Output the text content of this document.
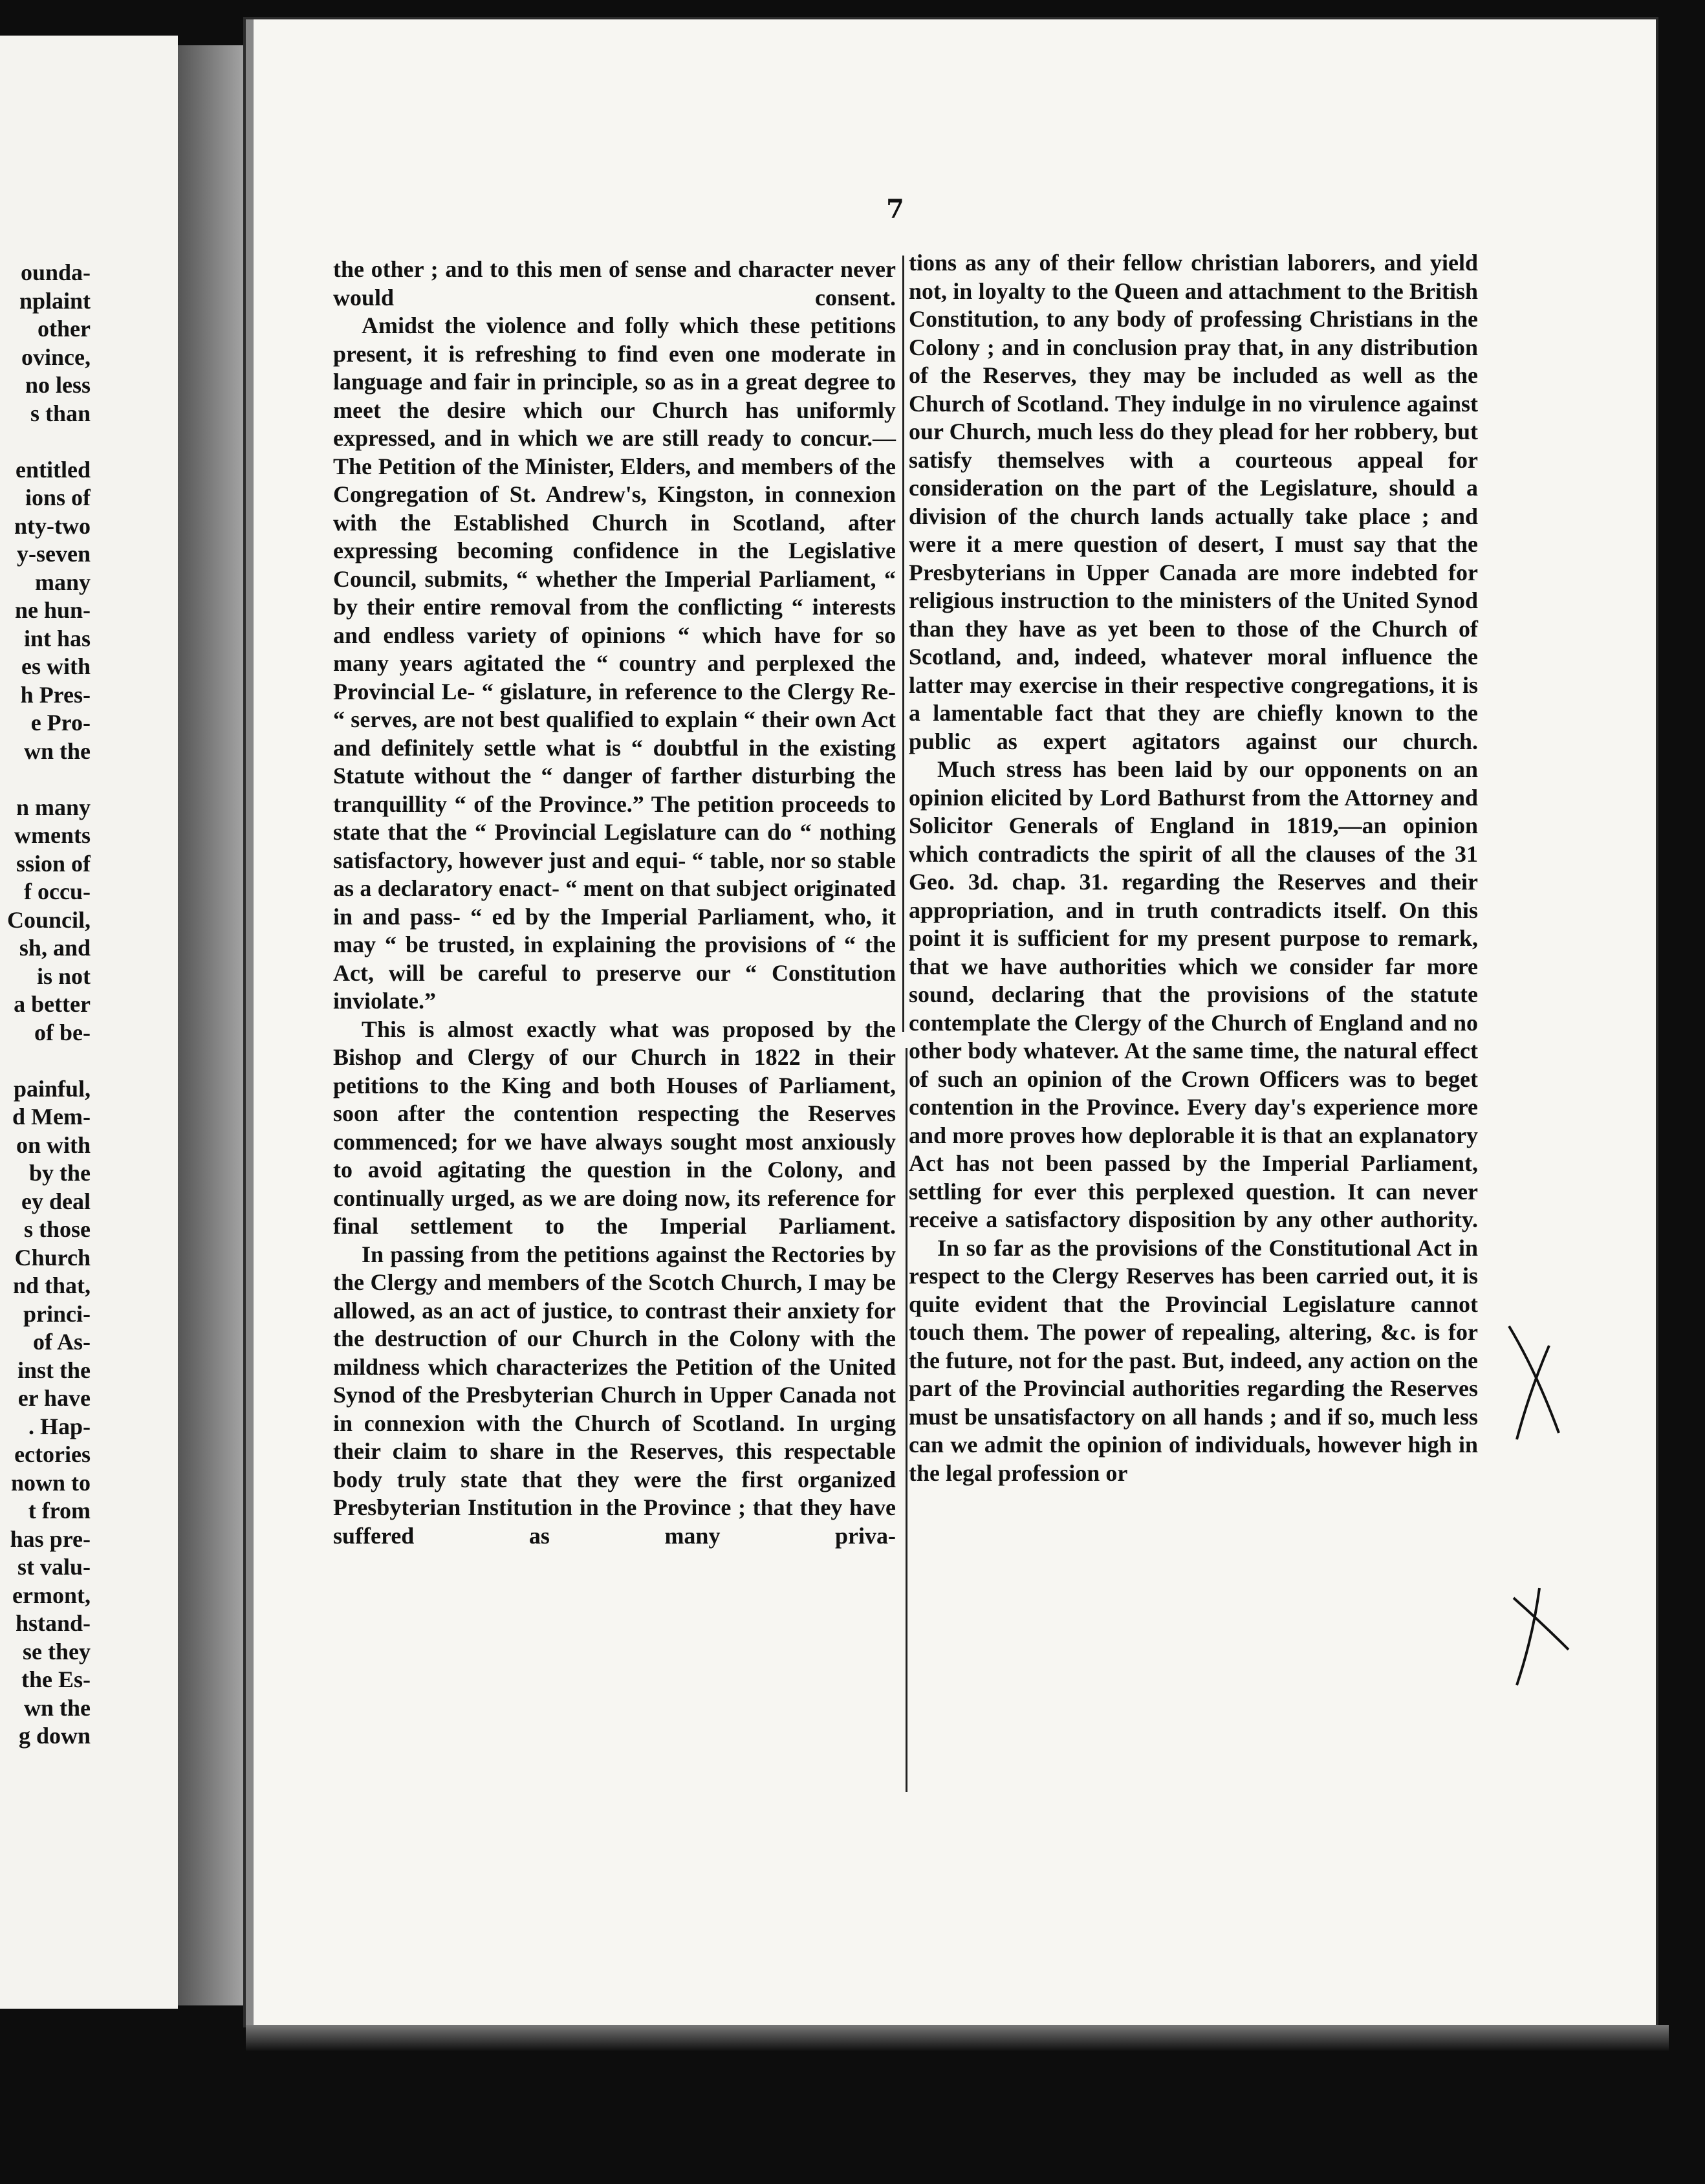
ounda-
nplaint
other
ovince,
no less
s than
entitled
ions of
nty-two
y-seven
many
ne hun-
int has
es with
h Pres-
e Pro-
wn the
n many
wments
ssion of
f occu-
Council,
sh, and
is not
a better
of be-
painful,
d Mem-
on with
by the
ey deal
s those
Church
nd that,
princi-
of As-
inst the
er have
. Hap-
ectories
nown to
t from
has pre-
st valu-
ermont,
hstand-
se they
the Es-
wn the
g down
7

the other ; and to this men of sense and character never would consent.

Amidst the violence and folly which these petitions present, it is refreshing to find even one moderate in language and fair in principle, so as in a great degree to meet the desire which our Church has uniformly expressed, and in which we are still ready to concur.— The Petition of the Minister, Elders, and members of the Congregation of St. Andrew's, Kingston, in connexion with the Established Church in Scotland, after expressing becoming confidence in the Legislative Council, submits, “ whether the Imperial Parliament, “ by their entire removal from the conflicting “ interests and endless variety of opinions “ which have for so many years agitated the “ country and perplexed the Provincial Le- “ gislature, in reference to the Clergy Re- “ serves, are not best qualified to explain “ their own Act and definitely settle what is “ doubtful in the existing Statute without the “ danger of farther disturbing the tranquillity “ of the Province.” The petition proceeds to state that the “ Provincial Legislature can do “ nothing satisfactory, however just and equi- “ table, nor so stable as a declaratory enact- “ ment on that subject originated in and pass- “ ed by the Imperial Parliament, who, it may “ be trusted, in explaining the provisions of “ the Act, will be careful to preserve our “ Constitution inviolate.”

This is almost exactly what was proposed by the Bishop and Clergy of our Church in 1822 in their petitions to the King and both Houses of Parliament, soon after the contention respecting the Reserves commenced; for we have always sought most anxiously to avoid agitating the question in the Colony, and continually urged, as we are doing now, its reference for final settlement to the Imperial Parliament.

In passing from the petitions against the Rectories by the Clergy and members of the Scotch Church, I may be allowed, as an act of justice, to contrast their anxiety for the destruction of our Church in the Colony with the mildness which characterizes the Petition of the United Synod of the Presbyterian Church in Upper Canada not in connexion with the Church of Scotland. In urging their claim to share in the Reserves, this respectable body truly state that they were the first organized Presbyterian Institution in the Province ; that they have suffered as many priva-

tions as any of their fellow christian laborers, and yield not, in loyalty to the Queen and attachment to the British Constitution, to any body of professing Christians in the Colony ; and in conclusion pray that, in any distribution of the Reserves, they may be included as well as the Church of Scotland. They indulge in no virulence against our Church, much less do they plead for her robbery, but satisfy themselves with a courteous appeal for consideration on the part of the Legislature, should a division of the church lands actually take place ; and were it a mere question of desert, I must say that the Presbyterians in Upper Canada are more indebted for religious instruction to the ministers of the United Synod than they have as yet been to those of the Church of Scotland, and, indeed, whatever moral influence the latter may exercise in their respective congregations, it is a lamentable fact that they are chiefly known to the public as expert agitators against our church.

Much stress has been laid by our opponents on an opinion elicited by Lord Bathurst from the Attorney and Solicitor Generals of England in 1819,—an opinion which contradicts the spirit of all the clauses of the 31 Geo. 3d. chap. 31. regarding the Reserves and their appropriation, and in truth contradicts itself. On this point it is sufficient for my present purpose to remark, that we have authorities which we consider far more sound, declaring that the provisions of the statute contemplate the Clergy of the Church of England and no other body whatever. At the same time, the natural effect of such an opinion of the Crown Officers was to beget contention in the Province. Every day's experience more and more proves how deplorable it is that an explanatory Act has not been passed by the Imperial Parliament, settling for ever this perplexed question. It can never receive a satisfactory disposition by any other authority.

In so far as the provisions of the Constitutional Act in respect to the Clergy Reserves has been carried out, it is quite evident that the Provincial Legislature cannot touch them. The power of repealing, altering, &c. is for the future, not for the past. But, indeed, any action on the part of the Provincial authorities regarding the Reserves must be unsatisfactory on all hands ; and if so, much less can we admit the opinion of individuals, however high in the legal profession or
